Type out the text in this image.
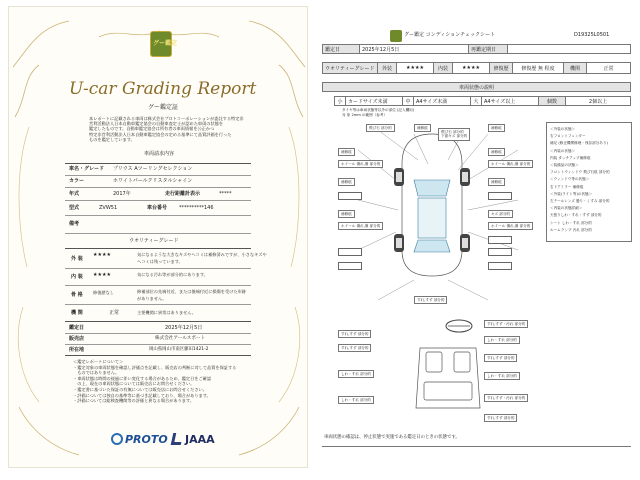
グー鑑定
U-car Grading Report
グー鑑定証
本レポートに記載される車両は株式会社プロトコーポレーションが委託する特定非
営利活動法人日本自動車鑑定協会の自動車査定士が認めた車両の状態を
鑑定したものです。自動車鑑定協会は所有者の車両情報を公正かつ
特定非営利活動法人日本自動車鑑定協会の定める基準にて品質評価を行った
ものを鑑定しています。
車両請求内容
車名・グレード プリウス Aツーリングセレクション
カラー	ホワイトパールクリスタルシャイン
年式	2017年	走行距離計表示	*****
型式	ZVW51	車台番号 **********146
備考
ウオリティーグレード
外 装
★★★★	気になるような大きなキズやヘコミは補修済みですが、小さなキズや
ヘコミは残っています。
内 装 ★★★★	気になる汚れ等が部分的にあります。
骨 格 修復歴なし	修補部位の先端付近、または後端付近に損傷を受けた形跡
がありません。
機 関	正常	主要機関に異常はありません。
鑑定日	2025年12月5日
販売店	株式会社アールスポート
所在地	岡山県岡山市南区藤田1421-2
＜鑑定レポートについて＞
・鑑定対象の車両状態を確認し評価点を記載し、販売店の判断に対して品質を保証する
　ものではありません。
・車両状態は時間の経過に伴い変化する場合があるため、鑑定日をご確認
　の上、現在の車両状態については販売店にお問合せください。
・鑑定書に基づいた保証の有無については販売店にお問合せください。
・評価については独自の基準等に基づき記載しており、場合があります。
・評価については総検査機関等の評価と異なる場合があります。
PROTO JAAA
D19325L0501
グー鑑定 コンディションチェックシート
鑑定日	2025年12月5日	再鑑定期日
ウオリティーグレード 外装	★★★★	内装	★★★★	修復歴	修復歴 無 程度	機関	正常
車両状態の説明
小 カードサイズ未満	中 A4サイズ未満	大 A4サイズ以上	個数	2個以上
タイヤ等は車両状態等以外の部位 (記入欄用)
対 象 2mm の範囲（参考）
飛び石 部分的	補修痕
飛び石 部分的
下面キズ 部分的
補修痕
補修痕	補修痕
補修痕	補修痕
ホイール 傷れ,傷 部分的	ホイール 傷れ,傷 部分的
ホイール 傷れ,傷 部分的	ホイール 傷れ,傷 部分的
補修痕	キズ 部分的
すれ,すず 部分的
すれ,すず 部分的
すれ,すず 部分的
すれ,すず・汚れ 部分的
しわ・すれ 部分的
すれ,すず 部分的
しわ・すれ 部分的	しわ・すれ 部分的
しわ・すれ 部分的	すれ,すず・汚れ 部分的
すれ,すず 部分的
＜外装の状態＞
右フロントフェンダー
補足 (修正機関修理・残存部分あり)
＜内装の状態＞
内装 タッチアップ補修痕
＜装備品の状態＞
フロントウィンドウ 飛び石痕 部分的
＜ウィンドウ等の状態＞
右ドアミラー 補修痕
＜外装(ライト等)の状態＞
左テールレンズ 曇り・くすみ 部分的
＜内装の状態詳細＞
天張りしわ・すれ・すず 部分的
シート しわ・すれ 部分的
ルームランプ 汚れ 部分的
車両状態の確認は、停止状態で実施である鑑定日のときの状態です。
